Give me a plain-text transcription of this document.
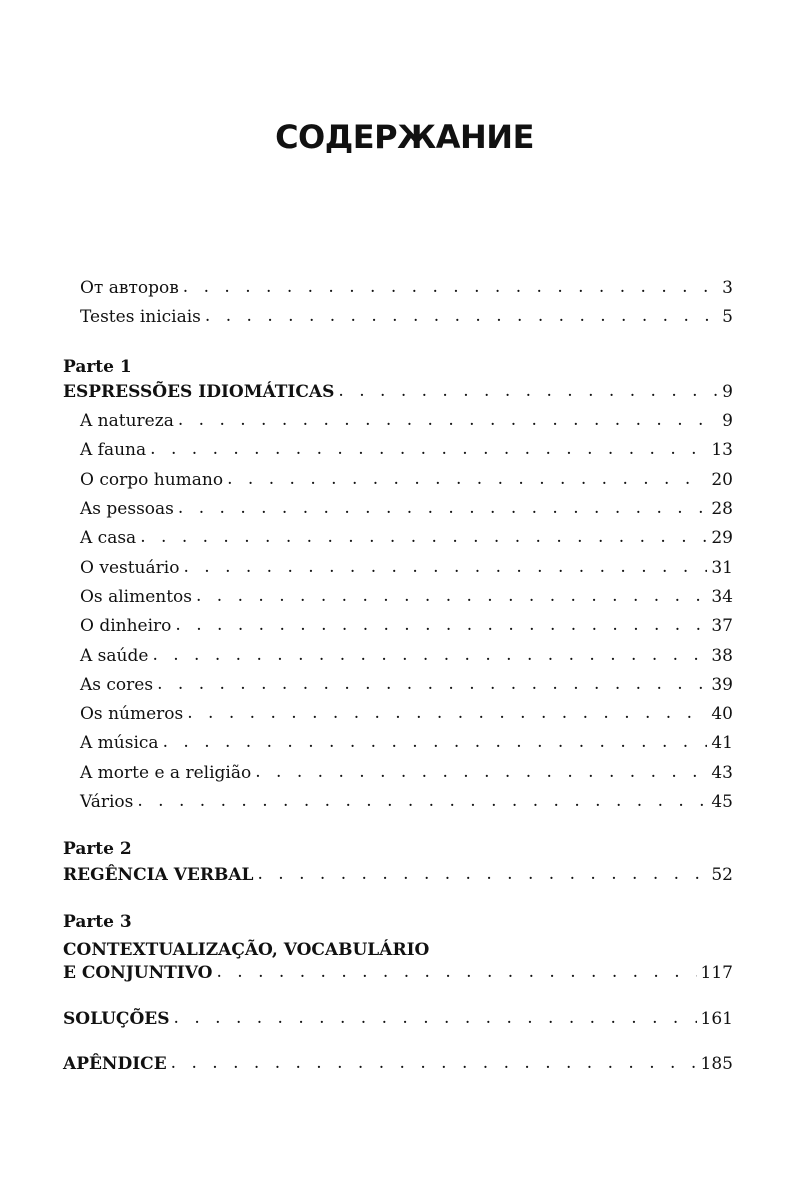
СОДЕРЖАНИЕ
От авторов . . .	3
Testes iniciais . . .	5
Parte 1
ESPRESSÕES IDIOMÁTICAS . . .	9
A natureza . . .	9
A fauna . . .	13
O corpo humano . . .	20
As pessoas . . .	28
A casa . . .	29
O vestuário . . .	31
Os alimentos . . .	34
O dinheiro . . .	37
A saúde . . .	38
As cores . . .	39
Os números . . .	40
A música . . .	41
A morte e a religião . . .	43
Vários . . .	45
Parte 2
REGÊNCIA VERBAL . . .	52
Parte 3
CONTEXTUALIZAÇÃO, VOCABULÁRIO
E CONJUNTIVO . . .	117
SOLUÇÕES . . .	161
APÊNDICE . . .	185
